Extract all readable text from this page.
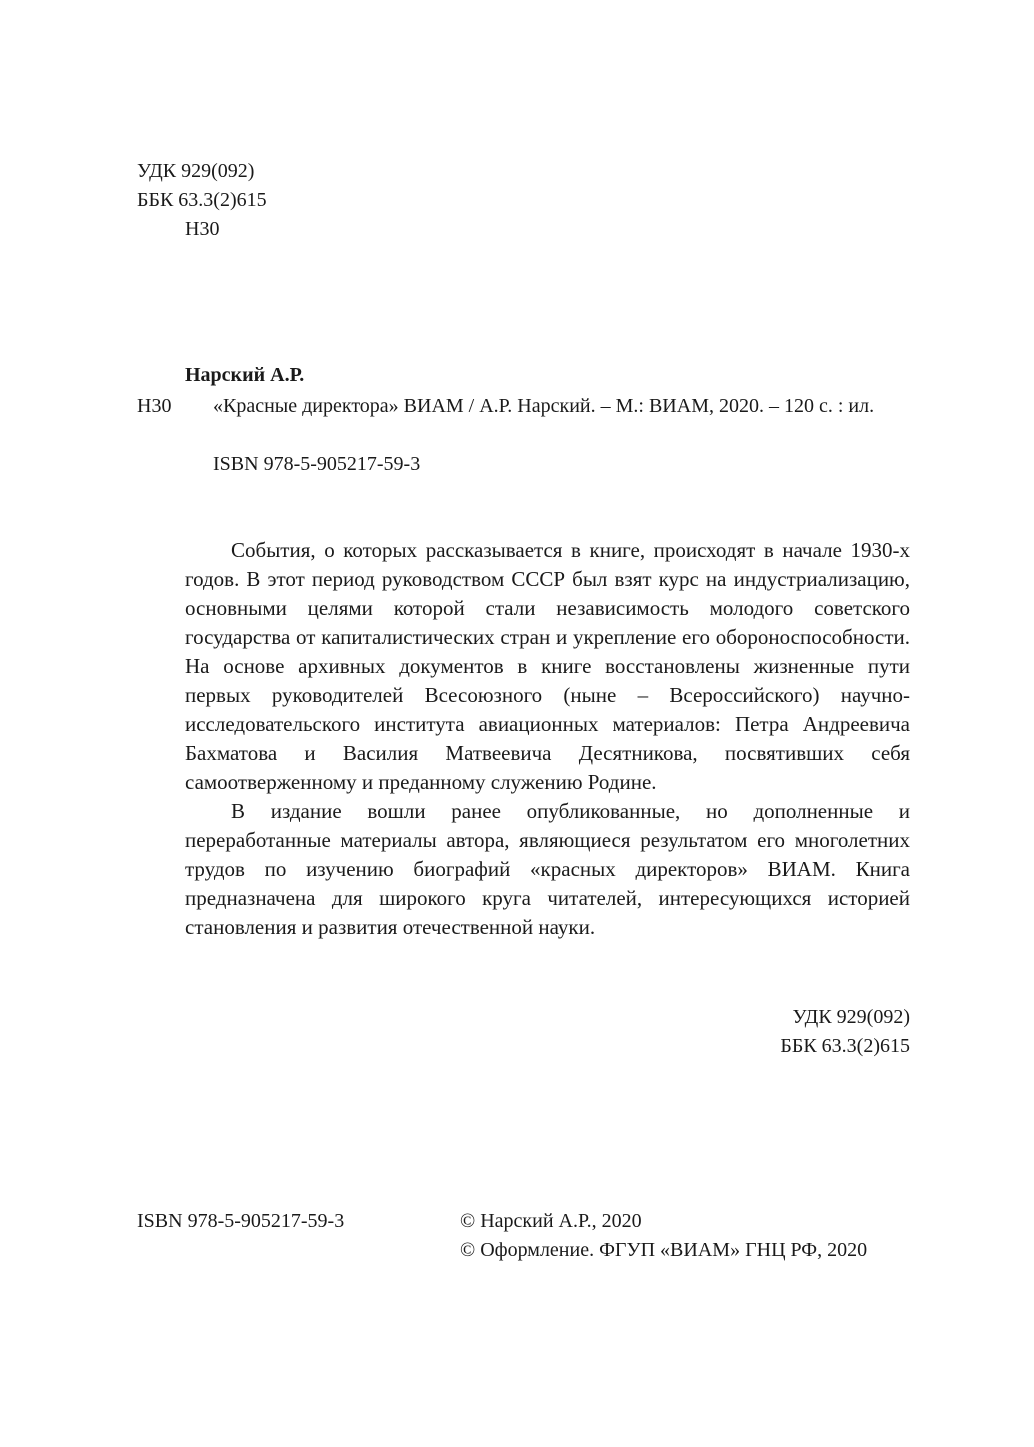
УДК 929(092)
ББК 63.3(2)615
Н30
Нарский А.Р.
Н30 «Красные директора» ВИАМ / А.Р. Нарский. – М.: ВИАМ, 2020. – 120 с. : ил.
ISBN 978-5-905217-59-3

События, о которых рассказывается в книге, происходят в начале 1930-х годов. В этот период руководством СССР был взят курс на индустриализацию, основными целями которой стали независимость молодого советского государства от капиталистических стран и укрепление его обороноспособности. На основе архивных документов в книге восстановлены жизненные пути первых руководителей Всесоюзного (ныне – Всероссийского) научно-исследовательского института авиационных материалов: Петра Андреевича Бахматова и Василия Матвеевича Десятникова, посвятивших себя самоотверженному и преданному служению Родине.

В издание вошли ранее опубликованные, но дополненные и переработанные материалы автора, являющиеся результатом его многолетних трудов по изучению биографий «красных директоров» ВИАМ. Книга предназначена для широкого круга читателей, интересующихся историей становления и развития отечественной науки.

УДК 929(092)
ББК 63.3(2)615
ISBN 978-5-905217-59-3	© Нарский А.Р., 2020
© Оформление. ФГУП «ВИАМ» ГНЦ РФ, 2020
